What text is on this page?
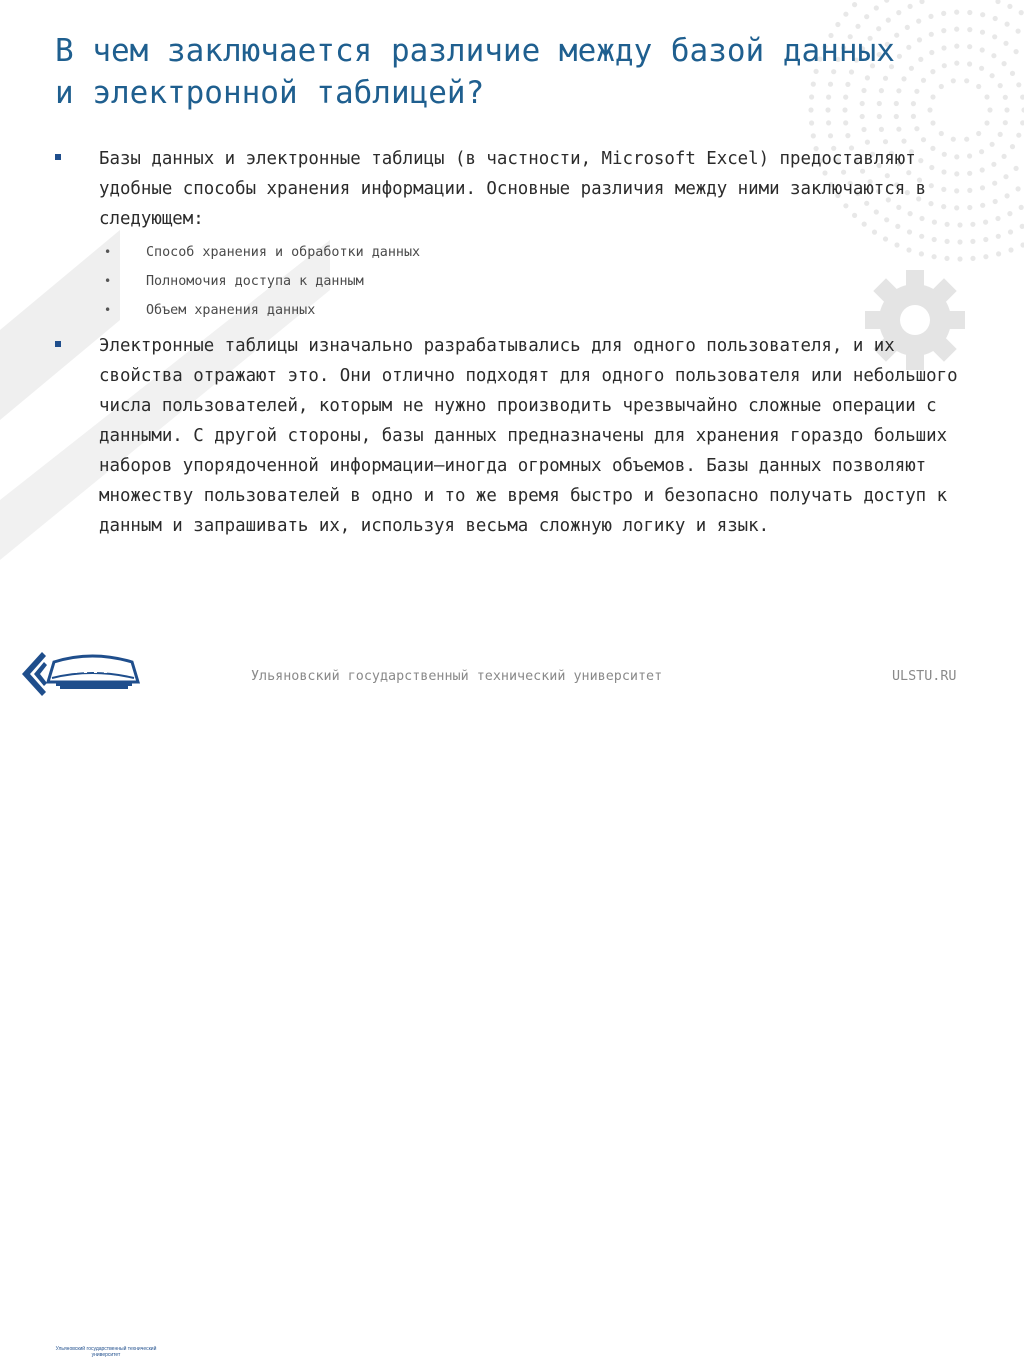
В чем заключается различие между базой данных и электронной таблицей?
Базы данных и электронные таблицы (в частности, Microsoft Excel) предоставляют удобные способы хранения информации. Основные различия между ними заключаются в следующем:
•	Способ хранения и обработки данных
•	Полномочия доступа к данным
•	Объем хранения данных
Электронные таблицы изначально разрабатывались для одного пользователя, и их свойства отражают это. Они отлично подходят для одного пользователя или небольшого числа пользователей, которым не нужно производить чрезвычайно сложные операции с данными. С другой стороны, базы данных предназначены для хранения гораздо больших наборов упорядоченной информации—иногда огромных объемов. Базы данных позволяют множеству пользователей в одно и то же время быстро и безопасно получать доступ к данным и запрашивать их, используя весьма сложную логику и язык.
Ульяновский государственный технический университет
Ульяновский государственный технический университет	ULSTU.RU
